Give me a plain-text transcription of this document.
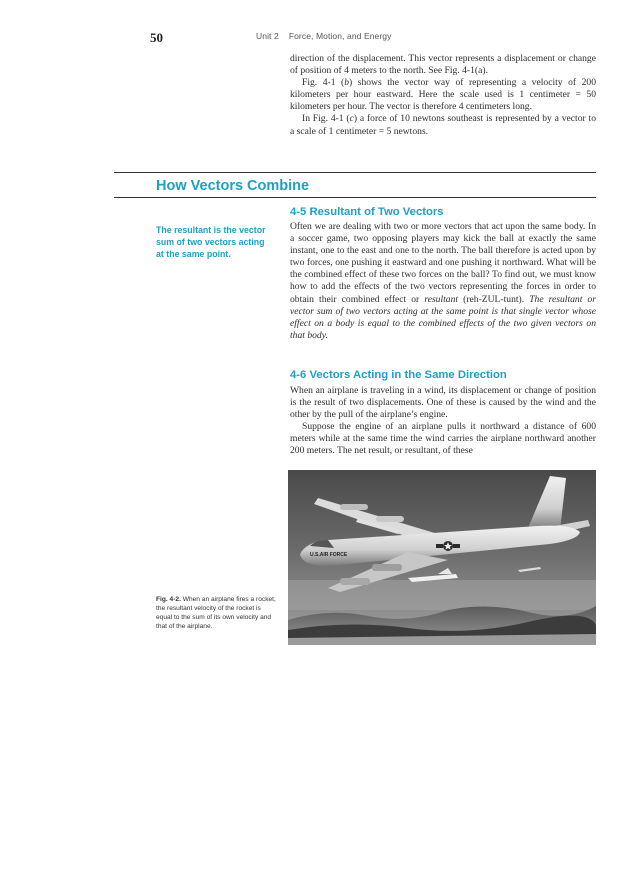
50	Unit 2 Force, Motion, and Energy

direction of the displacement. This vector represents a displacement or change of position of 4 meters to the north. See Fig. 4-1(a).

Fig. 4-1 (b) shows the vector way of representing a velocity of 200 kilometers per hour eastward. Here the scale used is 1 centimeter = 50 kilometers per hour. The vector is therefore 4 centimeters long.

In Fig. 4-1 (c) a force of 10 newtons southeast is represented by a vector to a scale of 1 centimeter = 5 newtons.

How Vectors Combine
The resultant is the vector sum of two vectors acting at the same point.
4-5 Resultant of Two Vectors

Often we are dealing with two or more vectors that act upon the same body. In a soccer game, two opposing players may kick the ball at exactly the same instant, one to the east and one to the north. The ball therefore is acted upon by two forces, one pushing it eastward and one pushing it northward. What will be the combined effect of these two forces on the ball? To find out, we must know how to add the effects of the two vectors representing the forces in order to obtain their combined effect or resultant (reh-ZUL-tunt). The resultant or vector sum of two vectors acting at the same point is that single vector whose effect on a body is equal to the combined effects of the two given vectors on that body.

4-6 Vectors Acting in the Same Direction

When an airplane is traveling in a wind, its displacement or change of position is the result of two displacements. One of these is caused by the wind and the other by the pull of the airplane’s engine.

Suppose the engine of an airplane pulls it northward a distance of 600 meters while at the same time the wind carries the airplane northward another 200 meters. The net result, or resultant, of these

U.S.AIR FORCE
Fig. 4-2. When an airplane fires a rocket, the resultant velocity of the rocket is equal to the sum of its own velocity and that of the airplane.
